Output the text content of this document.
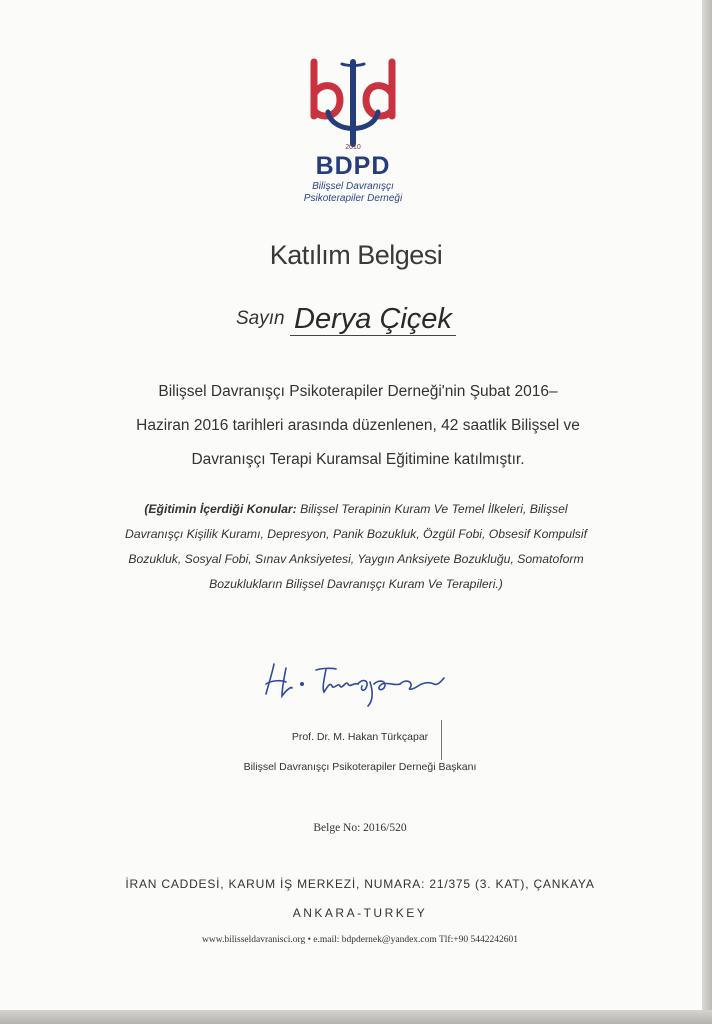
2010
BDPD
Bilişsel Davranışçı
Psikoterapiler Derneği
Katılım Belgesi
Sayın Derya Çiçek
Bilişsel Davranışçı Psikoterapiler Derneği'nin Şubat 2016–
Haziran 2016 tarihleri arasında düzenlenen, 42 saatlik Bilişsel ve
Davranışçı Terapi Kuramsal Eğitimine katılmıştır.
(Eğitimin İçerdiği Konular: Bilişsel Terapinin Kuram Ve Temel İlkeleri, Bilişsel
Davranışçı Kişilik Kuramı, Depresyon, Panik Bozukluk, Özgül Fobi, Obsesif Kompulsif
Bozukluk, Sosyal Fobi, Sınav Anksiyetesi, Yaygın Anksiyete Bozukluğu, Somatoform
Bozuklukların Bilişsel Davranışçı Kuram Ve Terapileri.)
Prof. Dr. M. Hakan Türkçapar
Bilişsel Davranışçı Psikoterapiler Derneği Başkanı
Belge No: 2016/520
İRAN CADDESİ, KARUM İŞ MERKEZİ, NUMARA: 21/375 (3. KAT), ÇANKAYA
ANKARA-TURKEY
www.bilisseldavranisci.org • e.mail: bdpdernek@yandex.com Tlf:+90 5442242601
